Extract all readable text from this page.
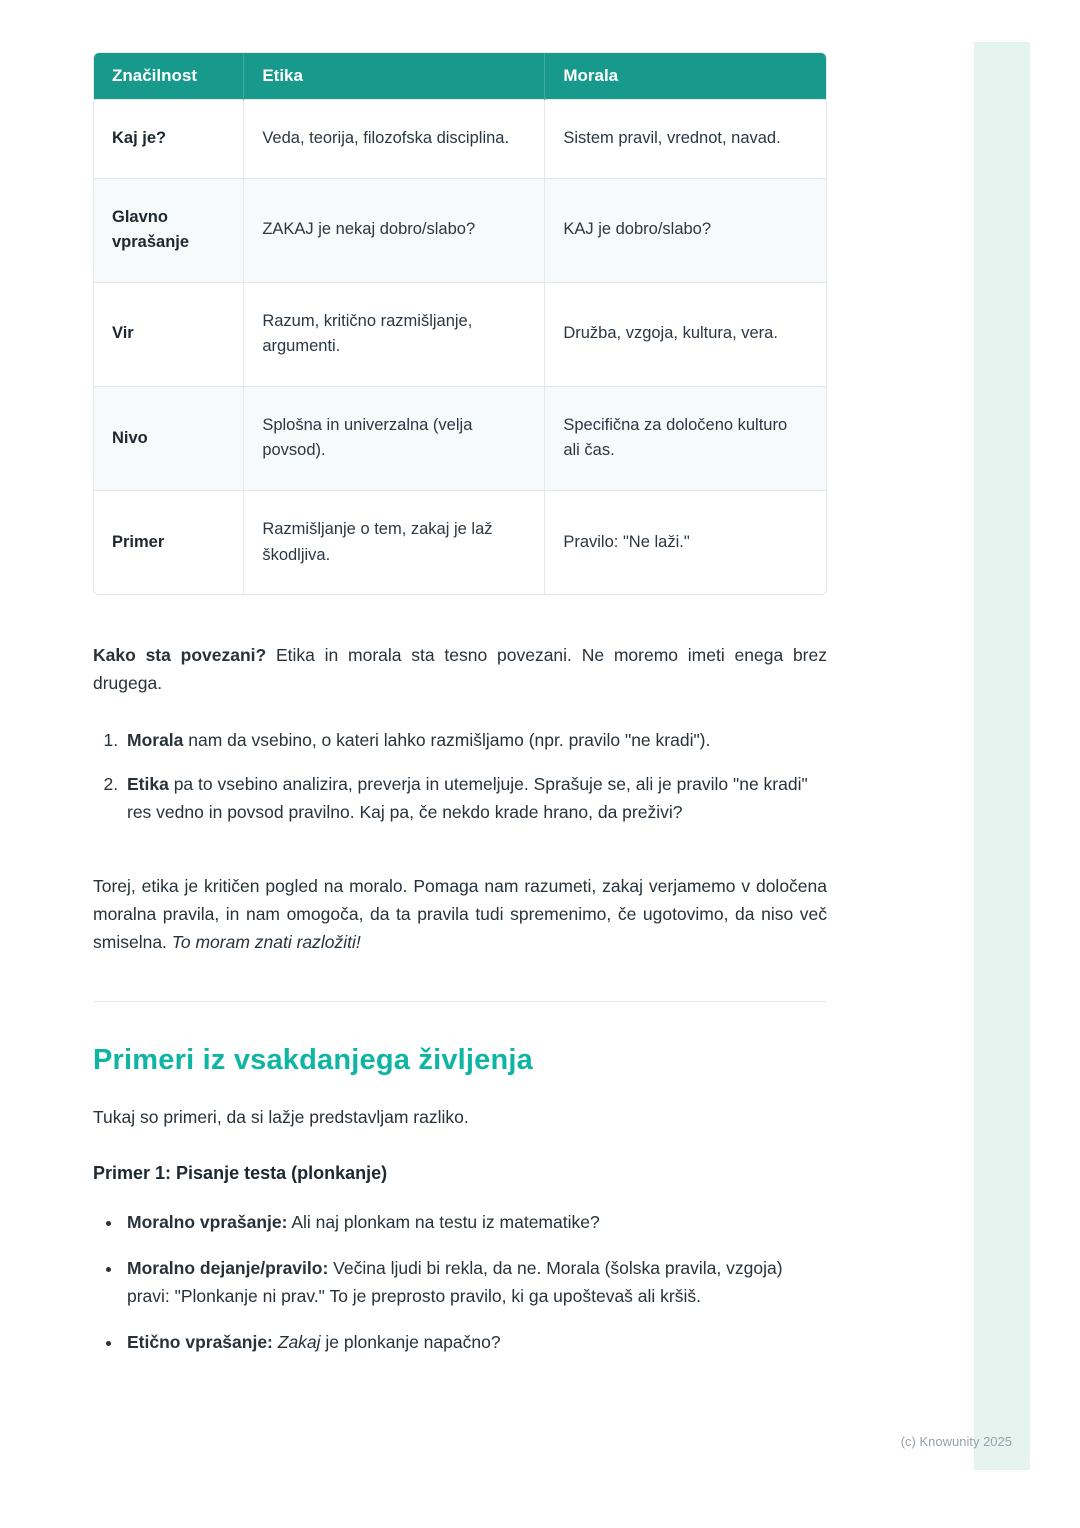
Značilnost	Etika	Morala
Kaj je?	Veda, teorija, filozofska disciplina.	Sistem pravil, vrednot, navad.
Glavno vprašanje	ZAKAJ je nekaj dobro/slabo?	KAJ je dobro/slabo?
Vir	Razum, kritično razmišljanje, argumenti.	Družba, vzgoja, kultura, vera.
Nivo	Splošna in univerzalna (velja povsod).	Specifična za določeno kulturo ali čas.
Primer	Razmišljanje o tem, zakaj je laž škodljiva.	Pravilo: "Ne laži."

Kako sta povezani? Etika in morala sta tesno povezani. Ne moremo imeti enega brez drugega.

1. Morala nam da vsebino, o kateri lahko razmišljamo (npr. pravilo "ne kradi").
2. Etika pa to vsebino analizira, preverja in utemeljuje. Sprašuje se, ali je pravilo "ne kradi" res vedno in povsod pravilno. Kaj pa, če nekdo krade hrano, da preživi?

Torej, etika je kritičen pogled na moralo. Pomaga nam razumeti, zakaj verjamemo v določena moralna pravila, in nam omogoča, da ta pravila tudi spremenimo, če ugotovimo, da niso več smiselna. To moram znati razložiti!

Primeri iz vsakdanjega življenja

Tukaj so primeri, da si lažje predstavljam razliko.

Primer 1: Pisanje testa (plonkanje)
• Moralno vprašanje: Ali naj plonkam na testu iz matematike?
• Moralno dejanje/pravilo: Večina ljudi bi rekla, da ne. Morala (šolska pravila, vzgoja) pravi: "Plonkanje ni prav." To je preprosto pravilo, ki ga upoštevaš ali kršiš.
• Etično vprašanje: Zakaj je plonkanje napačno?
(c) Knowunity 2025
